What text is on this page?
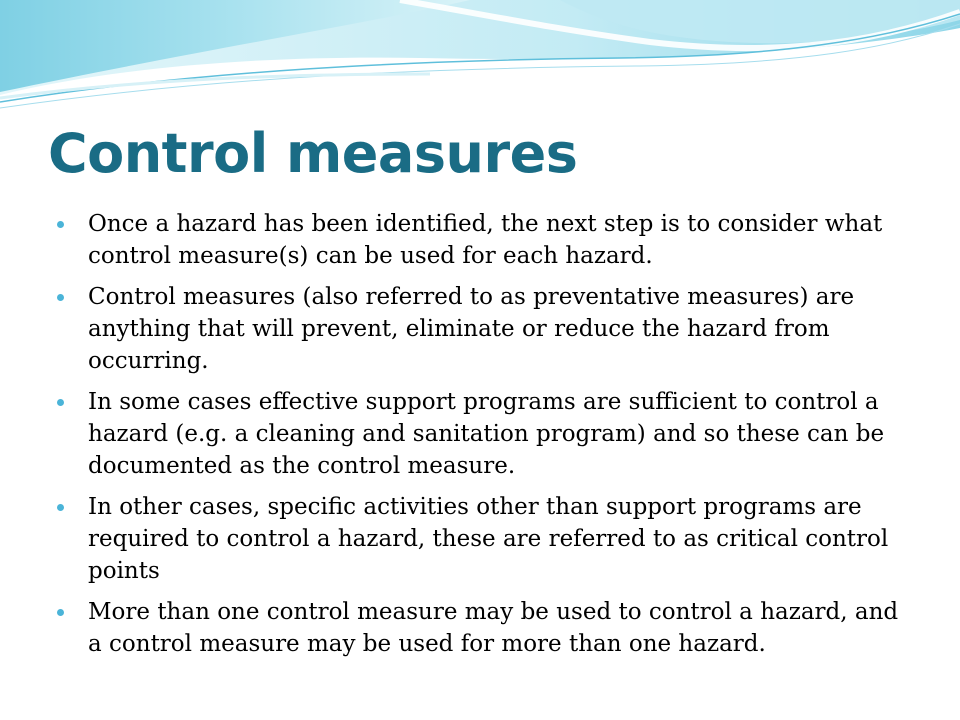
Control measures
Once a hazard has been identified, the next step is to consider what control measure(s) can be used for each hazard.
Control measures (also referred to as preventative measures) are anything that will prevent, eliminate or reduce the hazard from occurring.
In some cases effective support programs are sufficient to control a hazard (e.g. a cleaning and sanitation program) and so these can be documented as the control measure.
In other cases, specific activities other than support programs are required to control a hazard, these are referred to as critical control points
More than one control measure may be used to control a hazard, and a control measure may be used for more than one hazard.
